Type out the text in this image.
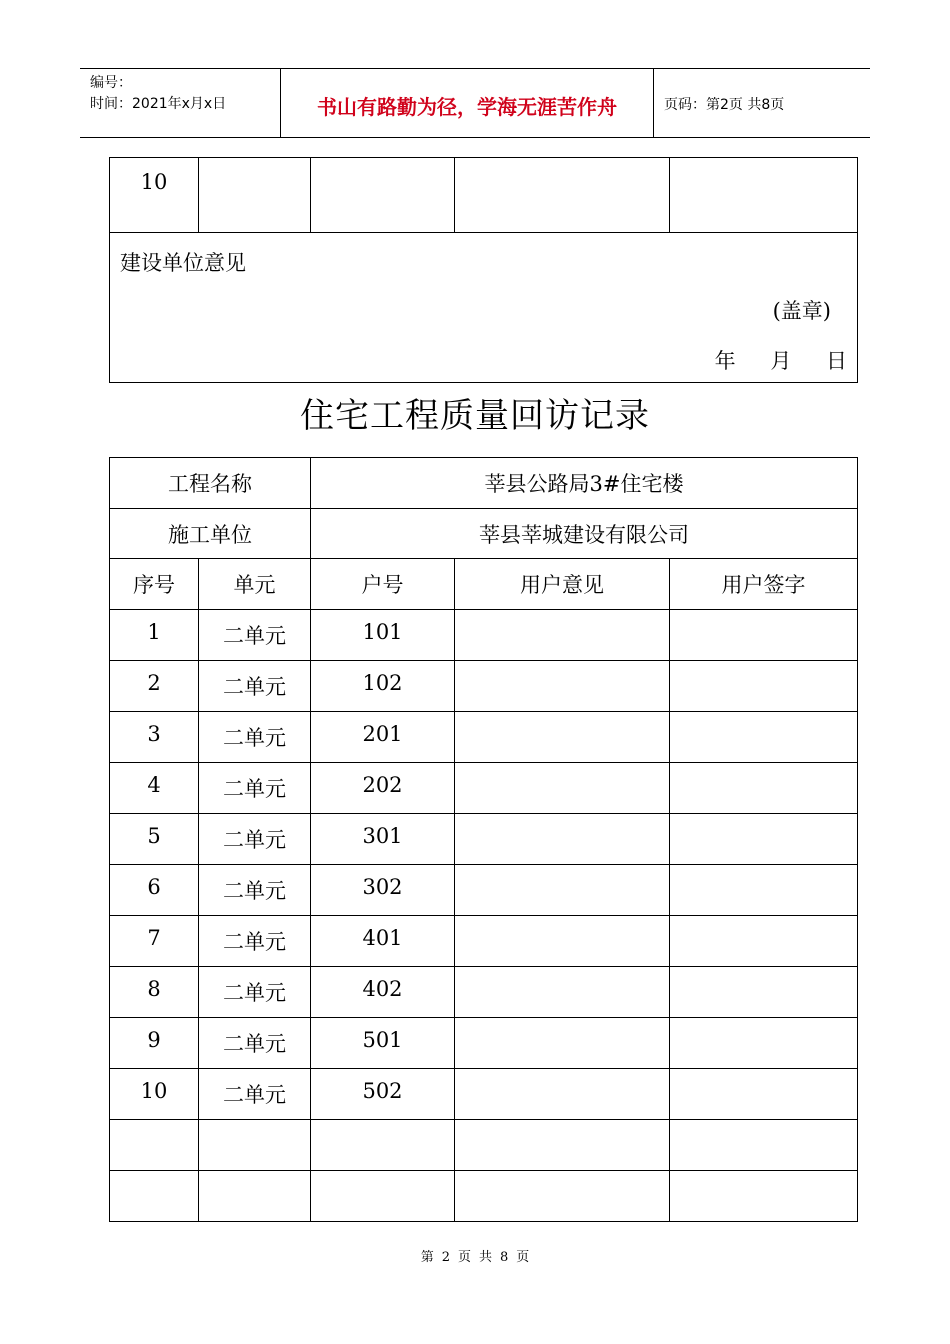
编号：
时间：2021年x月x日	书山有路勤为径，学海无涯苦作舟	页码：第2页 共8页
10				

建设单位意见
(盖章)
年 月 日
住宅工程质量回访记录
工程名称		莘县公路局3#住宅楼		
施工单位		莘县莘城建设有限公司		
序号	单元	户号	用户意见	用户签字
1	二单元	101		
2	二单元	102		
3	二单元	201		
4	二单元	202		
5	二单元	301		
6	二单元	302		
7	二单元	401		
8	二单元	402		
9	二单元	501		
10	二单元	502		

第 2 页 共 8 页
